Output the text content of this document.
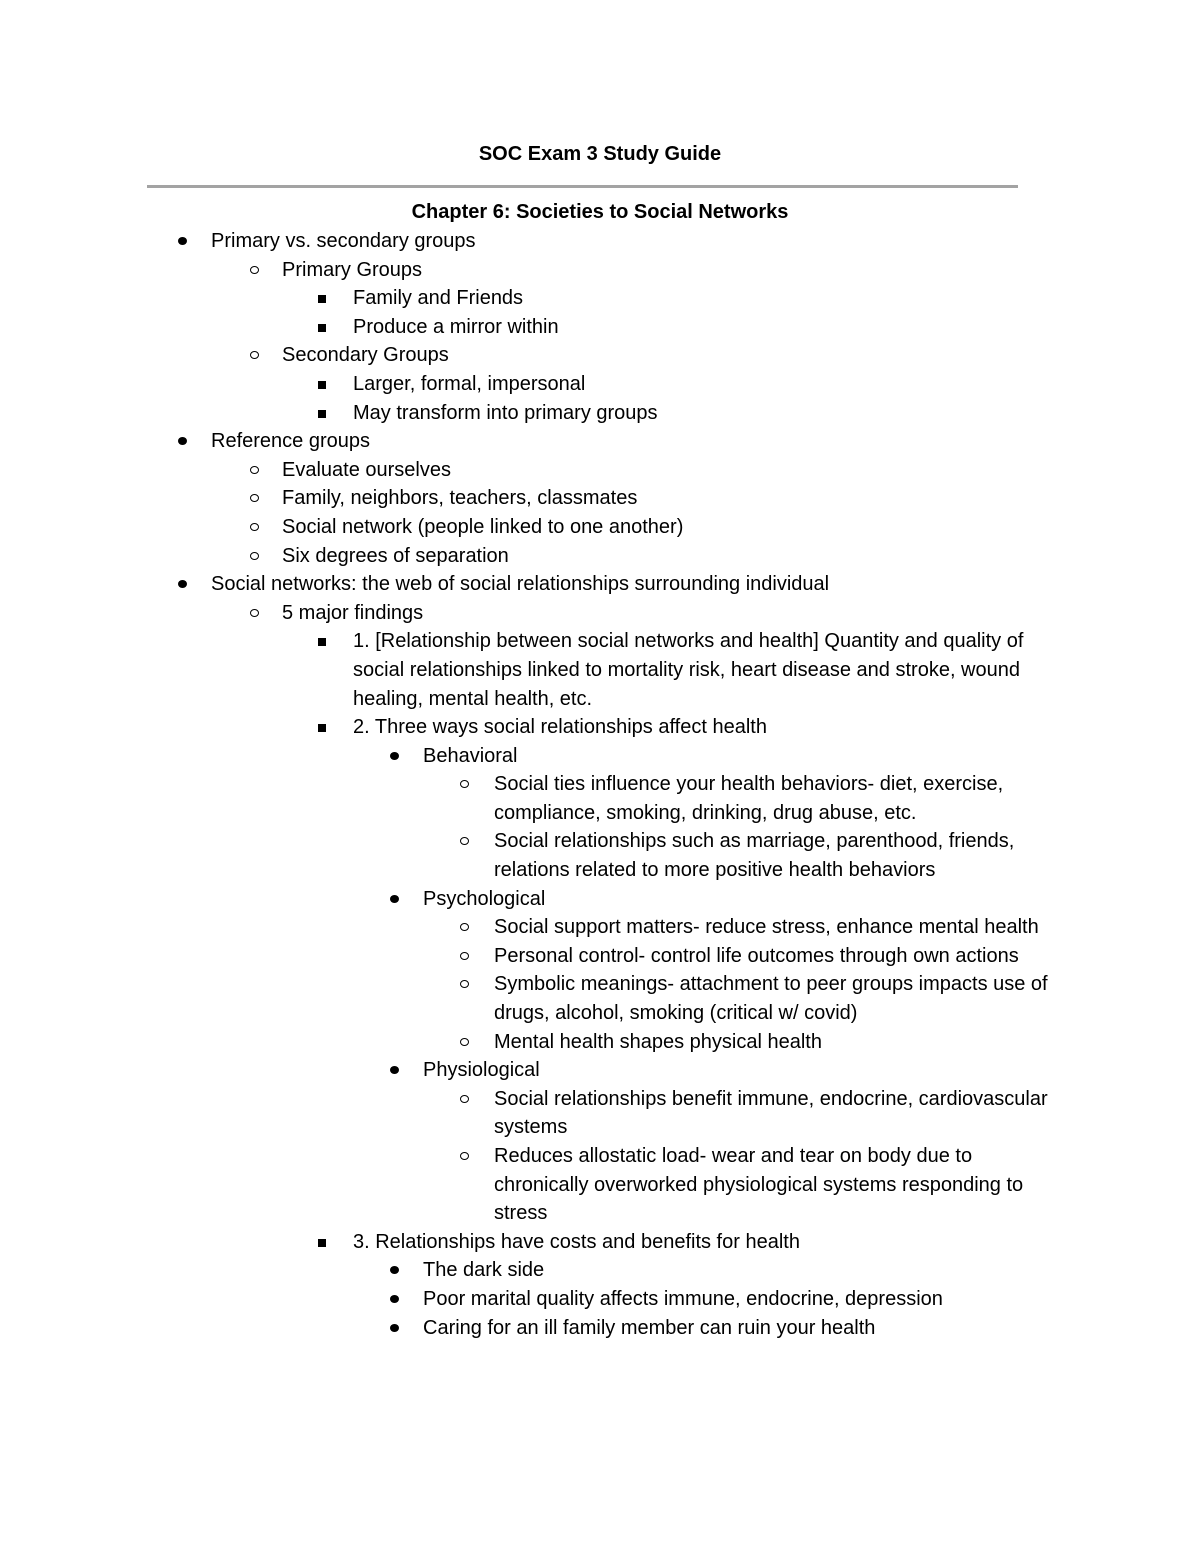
SOC Exam 3 Study Guide
Chapter 6: Societies to Social Networks
Primary vs. secondary groups
Primary Groups
Family and Friends
Produce a mirror within
Secondary Groups
Larger, formal, impersonal
May transform into primary groups
Reference groups
Evaluate ourselves
Family, neighbors, teachers, classmates
Social network (people linked to one another)
Six degrees of separation
Social networks: the web of social relationships surrounding individual
5 major findings
1. [Relationship between social networks and health] Quantity and quality of social relationships linked to mortality risk, heart disease and stroke, wound healing, mental health, etc.
2. Three ways social relationships affect health
Behavioral
Social ties influence your health behaviors- diet, exercise, compliance, smoking, drinking, drug abuse, etc.
Social relationships such as marriage, parenthood, friends, relations related to more positive health behaviors
Psychological
Social support matters- reduce stress, enhance mental health
Personal control- control life outcomes through own actions
Symbolic meanings- attachment to peer groups impacts use of drugs, alcohol, smoking (critical w/ covid)
Mental health shapes physical health
Physiological
Social relationships benefit immune, endocrine, cardiovascular systems
Reduces allostatic load- wear and tear on body due to chronically overworked physiological systems responding to stress
3. Relationships have costs and benefits for health
The dark side
Poor marital quality affects immune, endocrine, depression
Caring for an ill family member can ruin your health
